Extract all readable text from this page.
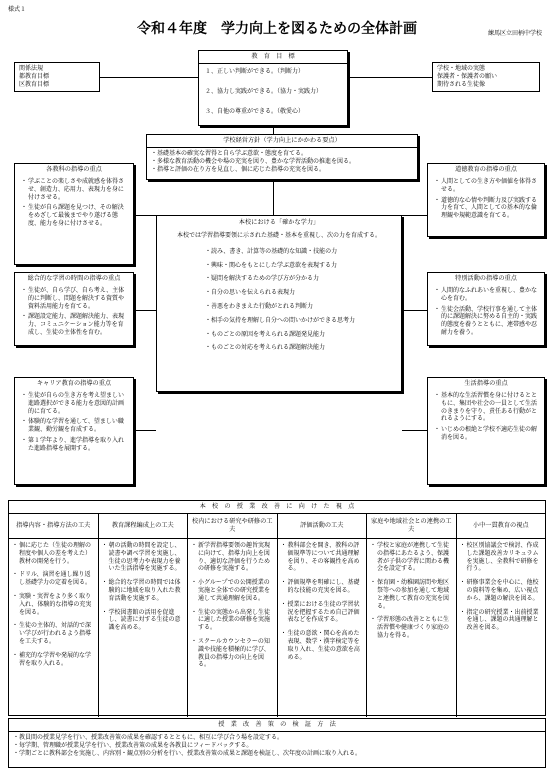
様式１
令和４年度　学力向上を図るための全体計画	練馬区立田柄中学校
関係法規
都教育目標
区教育目標
教　育　目　標
１、正しい判断ができる。（判断力）
２、協力し実践ができる。（協力・実践力）
３、自他の尊重ができる。（敬愛心）
学校・地域の実態
保護者・保護者の願い
期待される生徒像
学校経営方針（学力向上にかかわる要点）
・基礎基本の確実な習得と自ら学ぶ意欲・態度を育てる。
・多様な教育活動の機会や場の充実を図り、豊かな学習活動の推進を図る。
・指導と評価の在り方を見直し、個に応じた指導の充実を図る。
各教科の指導の重点
・ 学ぶことの楽しさや成就感を体得させ、創造力、応用力、表現力を身に付けさせる。
・ 生徒が自ら課題を見つけ、その解決をめざして最後までやり遂げる態度、能力を身に付けさせる。
総合的な学習の時間の指導の重点
・ 生徒が、自ら学び、自ら考え、主体的に判断し、問題を解決する資質や資料活用能力を育てる。
・ 課題設定能力、課題解決能力、表現力、コミュニケーション能力等を育成し、生徒の主体性を育む。
キャリア教育の指導の重点
・ 生徒が自らの生き方を考え望ましい進路選択ができる能力を意図的計画的に育てる。
・ 体験的な学習を通して、望ましい職業観、勤労観を育成する。
・ 第１学年より、進学指導を取り入れた進路指導を展開する。
道徳教育の指導の重点
・ 人間としての生き方や価値を体得させる。
・ 道徳的な心情や判断力及び実践する力を育て、人間としての基本的な倫理観や規範意識を育てる。
特別活動の指導の重点
・ 人間的なふれあいを重視し、豊かな心を育む。
・ 生徒会活動、学校行事を通して主体的に課題解決に努める自主的・実践的態度を養うとともに、連帯感や忍耐力を養う。
生活指導の重点
・ 基本的な生活習慣を身に付けるとともに、集団や社会の一員として生活のきまりを守り、責任ある行動がとれるようにする。
・ いじめの根絶と学校不適応生徒の解消を図る。
本校における「確かな学力」
本校では学習指導要領に示された基礎・基本を重視し、次の力を育成する。
・読み、書き、計算等の基礎的な知識・技能の力
・興味・関心をもとにした学ぶ意欲を表現する力
・疑問を解決するための学び方が分かる力
・自分の思いを伝えられる表現力
・善悪をわきまえた行動がとれる判断力
・相手の気持を理解し自分への問いかけができる思考力
・ものごとの原因を考えられる課題発見能力
・ものごとの対応を考えられる課題解決能力
本　校　の　授　業　改　善　に　向　け　た　視　点
指導内容・指導方法の工夫
・ 個に応じた（生徒の理解の程度や個人の差を考えた）教材の開発を行う。
・ ドリル、演習を通し繰り返し基礎学力の定着を図る。
・ 実験・実習をより多く取り入れ、体験的な指導の充実を図る。
・ 生徒の主体的、対話的で深い学びが行われるよう指導を工夫する。
・ 補充的な学習や発展的な学習を取り入れる。
教育課程編成上の工夫
・ 朝の活動の時間を設定し、読書や調べ学習を実施し、生徒の思考力や表現力を養いた生活指導を実施する。
・ 総合的な学習の時間では体験的に地域を取り入れた教育活動を実施する。
・ 学校図書館の活用を促進し、読書に対する生徒の意識を高める。
校内における研究や研修の工夫
・ 新学習指導要領の趣旨実現に向けて、指導力向上を図り、適切な評価を行うための研修を実施する。
・ 小グループでの公開授業の実施と全体での研究授業を通して共通理解を図る。
・ 生徒の実態から出発し生徒に適した授業の研修を実施する。
・ スクールカウンセラーの知識や技能を積極的に学び、教員の指導力の向上を図る。
評価活動の工夫
・ 教科部会を開き、教科の評価規準等について共通理解を図り、その客観性を高める。
・ 評価規準を明確にし、基礎的な技能の充実を図る。
・ 授業における生徒の学習状況を把握するため自己評価表などを作成する。
・ 生徒の意欲・関心を高めた表現、数学・漢字検定等を取り入れ、生徒の意欲を高める。
家庭や地域社会との連携の工夫
・ 学校と家庭が連携して生徒の指導にあたるよう、保護者が子供の学習に関わる機会を設定する。
・ 保育園・幼稚園訪問や地区祭等への参加を通して地域と連携して教育の充実を図る。
・ 学習形態の改善とともに生活習慣や健康づくり家庭の協力を得る。
小中一貫教育の視点
・ 校区別協議会で検討、作成した課題改善カリキュラムを実施し、全教科で研修を行う。
・ 研修事業会を中心に、他校の資料等を集め、広い視点から、課題の解決を図る。
・ 指定の研究授業・出前授業を通し、課題の共通理解と改善を図る。
授　業　改　善　策　の　検　証　方　法
・教員間の授業見学を行い、授業改善策の成果を確認するとともに、相互に学び合う場を設定する。
・毎学期、管理職が授業見学を行い、授業改善策の成果を各教員にフィードバックする。
・学期ごとに教科部会を実施し、内容別・観点別の分析を行い、授業改善策の成果と課題を検証し、次年度の計画に取り入れる。
